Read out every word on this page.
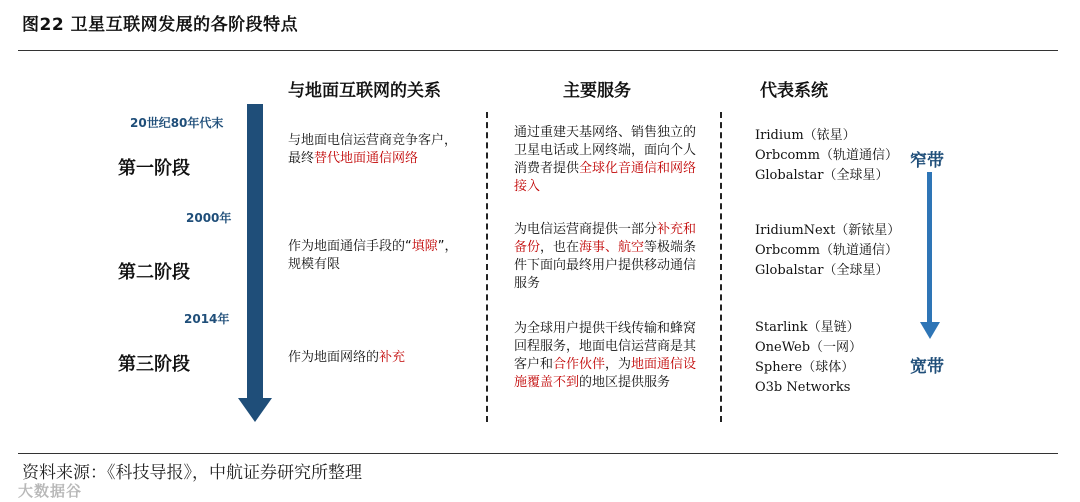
图22 卫星互联网发展的各阶段特点
与地面互联网的关系	主要服务	代表系统
20世纪80年代末
2000年
2014年
第一阶段
第二阶段
第三阶段
与地面电信运营商竞争客户，最终替代地面通信网络
作为地面通信手段的“填隙”，规模有限
作为地面网络的补充
通过重建天基网络、销售独立的卫星电话或上网终端，面向个人消费者提供全球化音通信和网络接入
为电信运营商提供一部分补充和备份，也在海事、航空等极端条件下面向最终用户提供移动通信服务
为全球用户提供干线传输和蜂窝回程服务，地面电信运营商是其客户和合作伙伴，为地面通信设施覆盖不到的地区提供服务
Iridium（铱星）
Orbcomm（轨道通信）
Globalstar（全球星）
IridiumNext（新铱星）
Orbcomm（轨道通信）
Globalstar（全球星）
Starlink（星链）
OneWeb（一网）
Sphere（球体）
O3b Networks
窄带
宽带
资料来源：《科技导报》，中航证券研究所整理
大数据谷
